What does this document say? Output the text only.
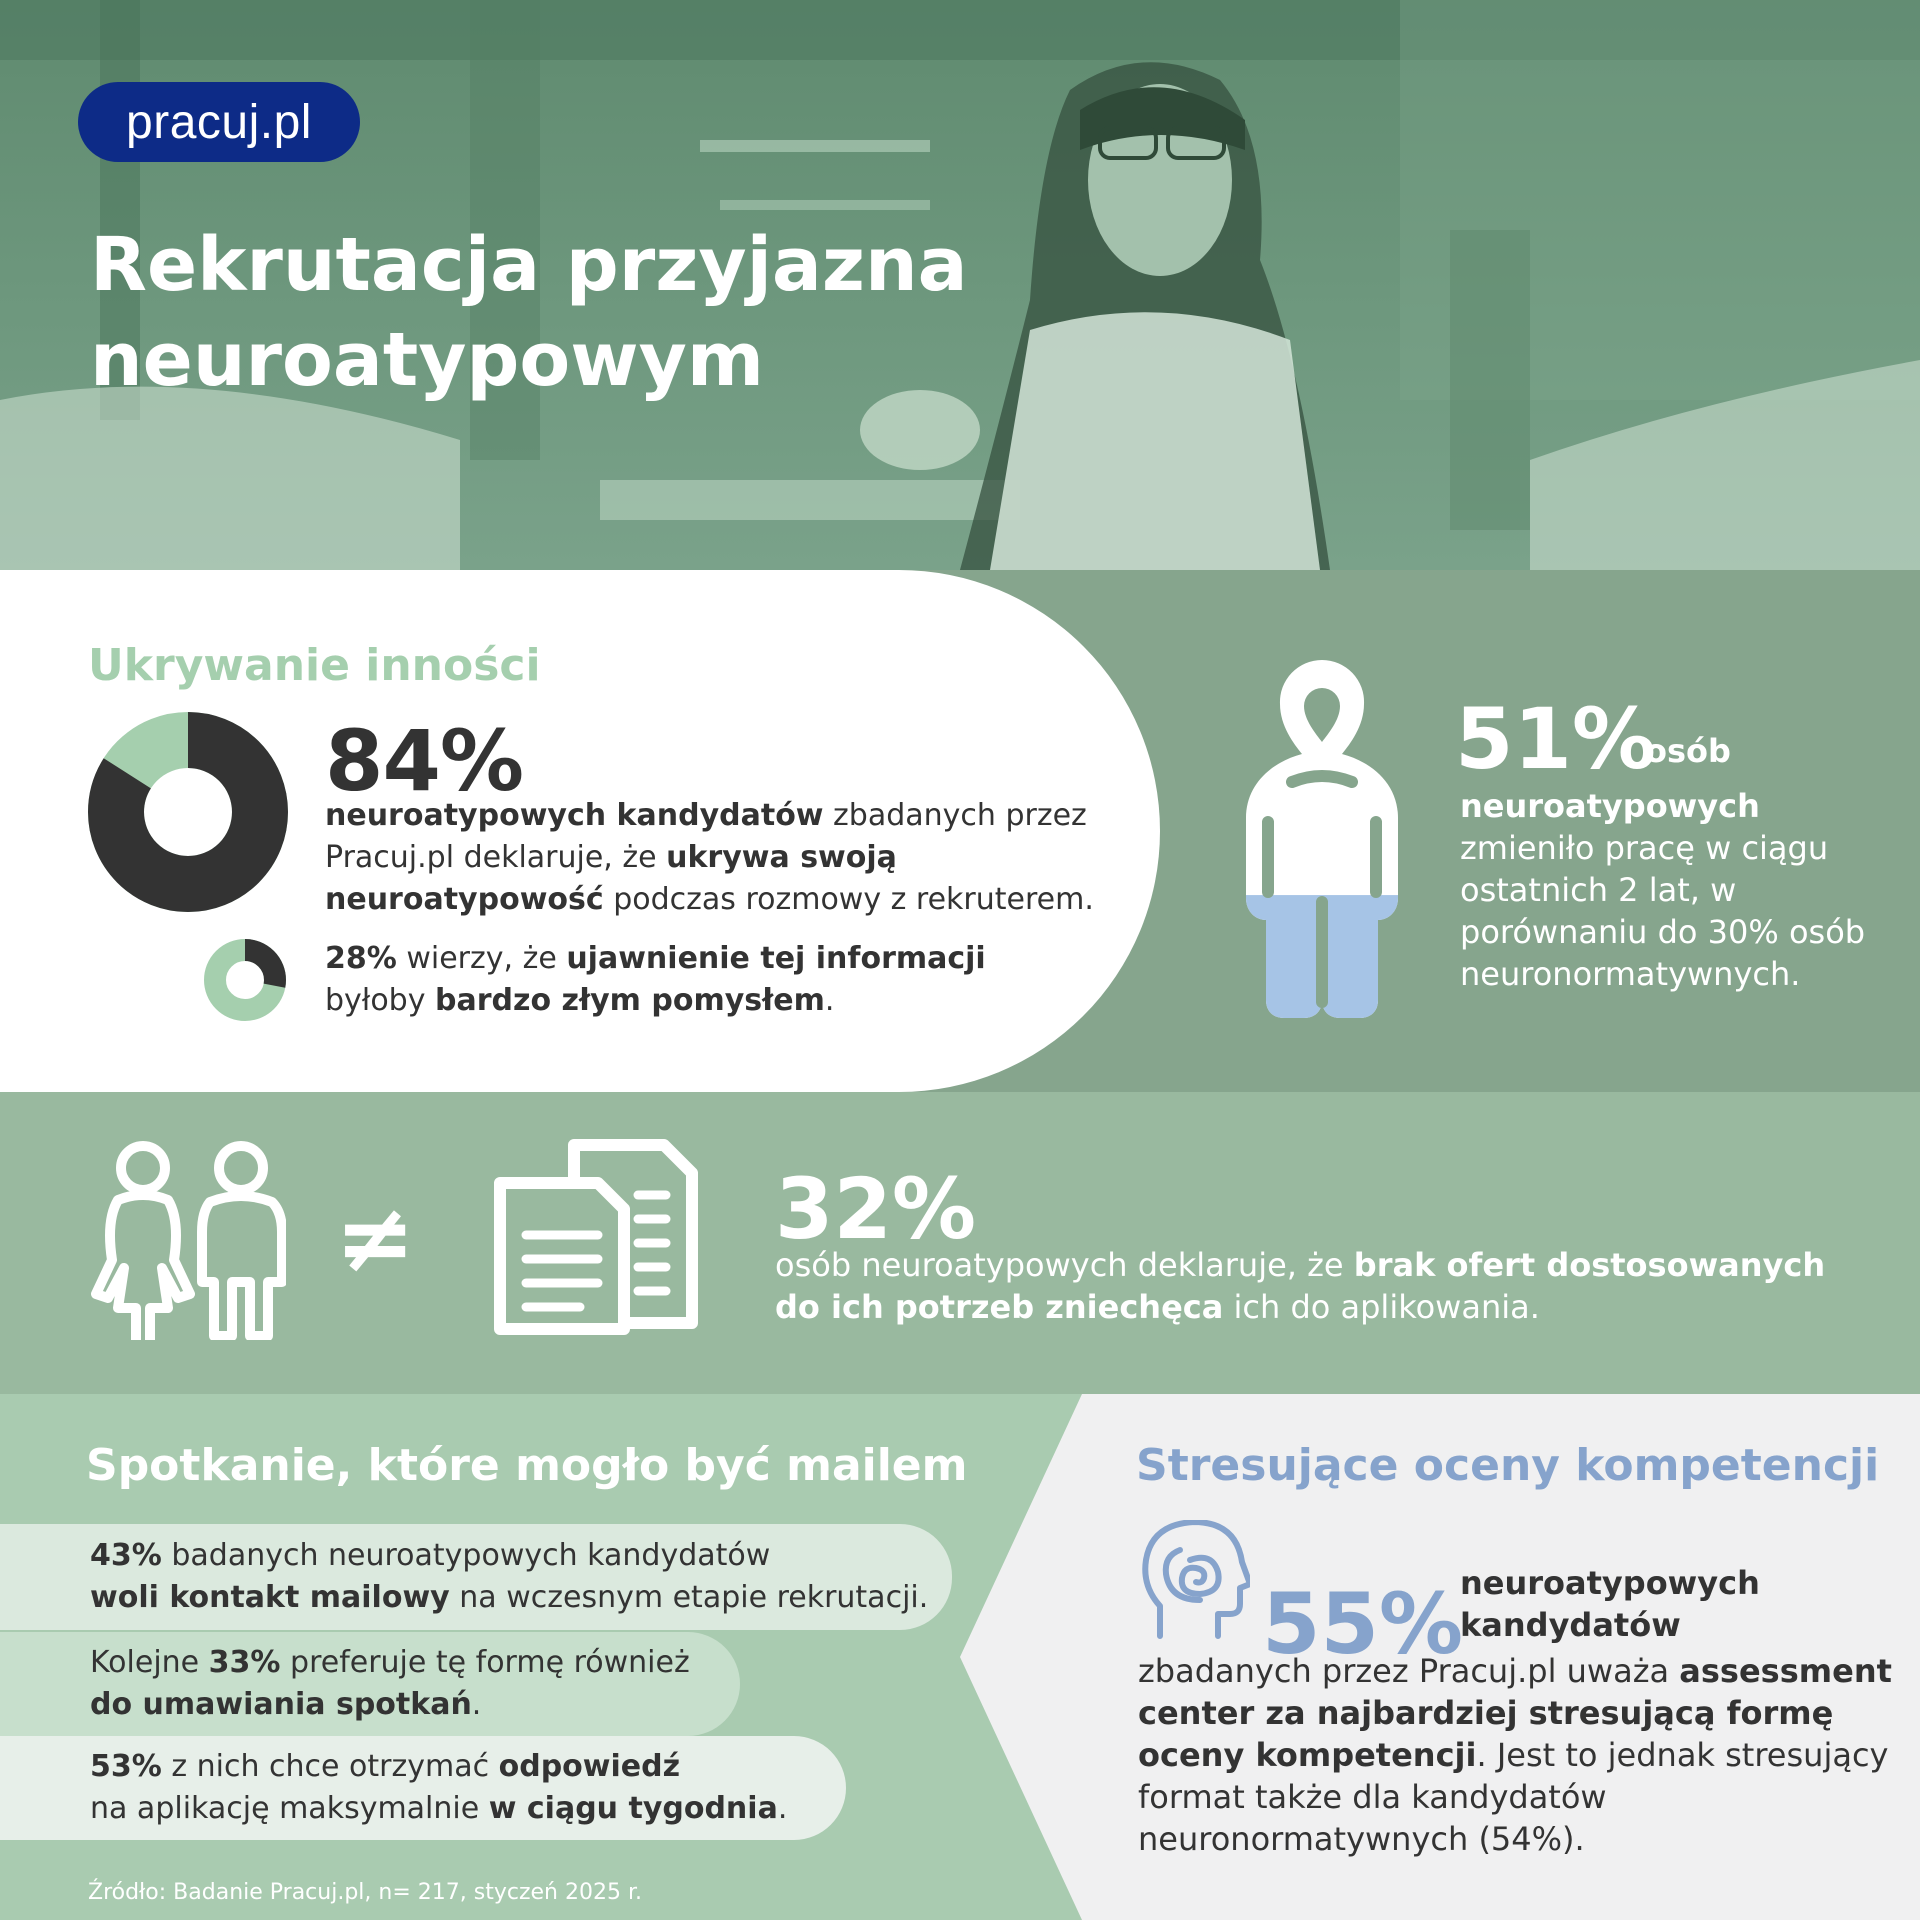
pracuj.pl
Rekrutacja przyjazna neuroatypowym
Ukrywanie inności
84%
neuroatypowych kandydatów zbadanych przez Pracuj.pl deklaruje, że ukrywa swoją neuroatypowość podczas rozmowy z rekruterem.
28% wierzy, że ujawnienie tej informacji byłoby bardzo złym pomysłem.
51%
osób
neuroatypowych
zmieniło pracę w ciągu ostatnich 2 lat, w porównaniu do 30% osób neuronormatywnych.
≠	32%
osób neuroatypowych deklaruje, że brak ofert dostosowanych do ich potrzeb zniechęca ich do aplikowania.
Spotkanie, które mogło być mailem
43% badanych neuroatypowych kandydatów
woli kontakt mailowy na wczesnym etapie rekrutacji.
Kolejne 33% preferuje tę formę również
do umawiania spotkań.
53% z nich chce otrzymać odpowiedź
na aplikację maksymalnie w ciągu tygodnia.
Źródło: Badanie Pracuj.pl, n= 217, styczeń 2025 r.
Stresujące oceny kompetencji
55%
neuroatypowych kandydatów
zbadanych przez Pracuj.pl uważa assessment center za najbardziej stresującą formę oceny kompetencji. Jest to jednak stresujący format także dla kandydatów neuronormatywnych (54%).
